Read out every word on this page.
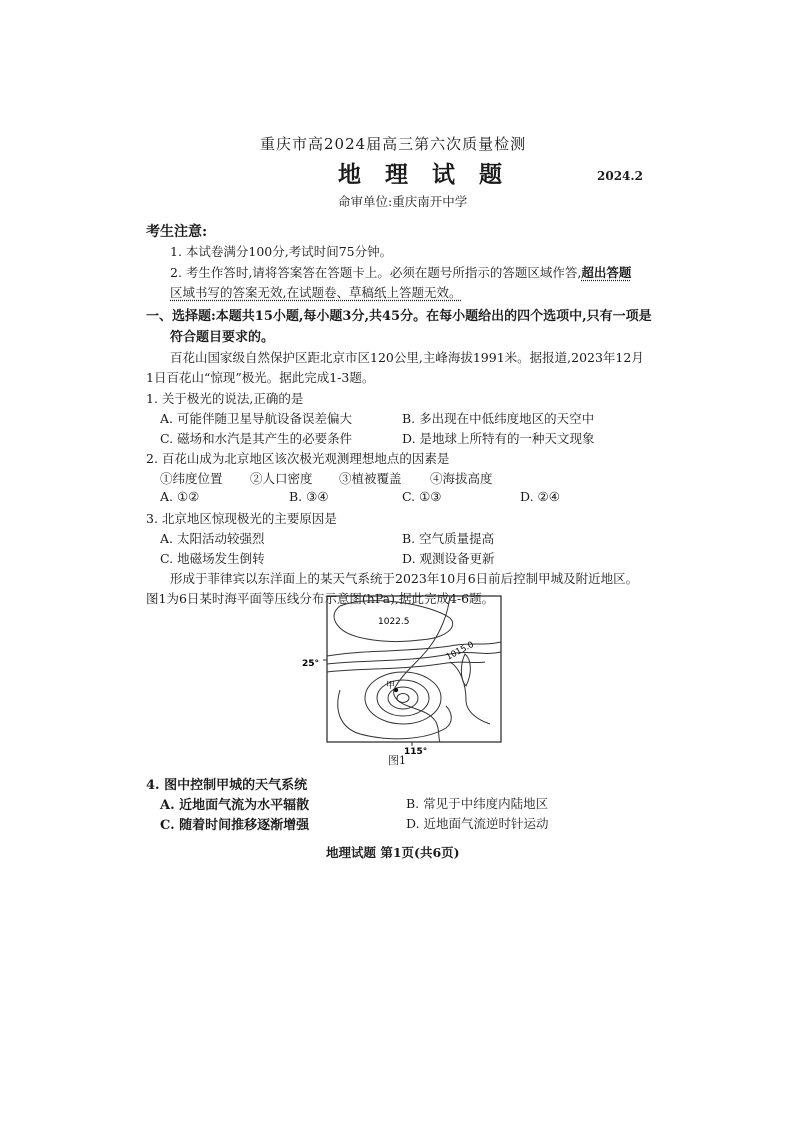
重庆市高2024届高三第六次质量检测
地 理 试 题	2024.2
命审单位:重庆南开中学
考生注意:
1. 本试卷满分100分,考试时间75分钟。
2. 考生作答时,请将答案答在答题卡上。必须在题号所指示的答题区域作答,超出答题
区域书写的答案无效,在试题卷、草稿纸上答题无效。
一、选择题:本题共15小题,每小题3分,共45分。在每小题给出的四个选项中,只有一项是
符合题目要求的。
百花山国家级自然保护区距北京市区120公里,主峰海拔1991米。据报道,2023年12月
1日百花山“惊现”极光。据此完成1-3题。
1. 关于极光的说法,正确的是
A. 可能伴随卫星导航设备误差偏大	B. 多出现在中低纬度地区的天空中
C. 磁场和水汽是其产生的必要条件	D. 是地球上所特有的一种天文现象
2. 百花山成为北京地区该次极光观测理想地点的因素是
①纬度位置 ②人口密度 ③植被覆盖 ④海拔高度
A. ①②	B. ③④	C. ①③	D. ②④
3. 北京地区惊现极光的主要原因是
A. 太阳活动较强烈	B. 空气质量提高
C. 地磁场发生倒转	D. 观测设备更新
形成于菲律宾以东洋面上的某天气系统于2023年10月6日前后控制甲城及附近地区。
图1为6日某时海平面等压线分布示意图(hPa),据此完成4-6题。
1022.5
1015.0
甲
25°
115°
图1
4. 图中控制甲城的天气系统
A. 近地面气流为水平辐散	B. 常见于中纬度内陆地区
C. 随着时间推移逐渐增强	D. 近地面气流逆时针运动
地理试题 第1页(共6页)
